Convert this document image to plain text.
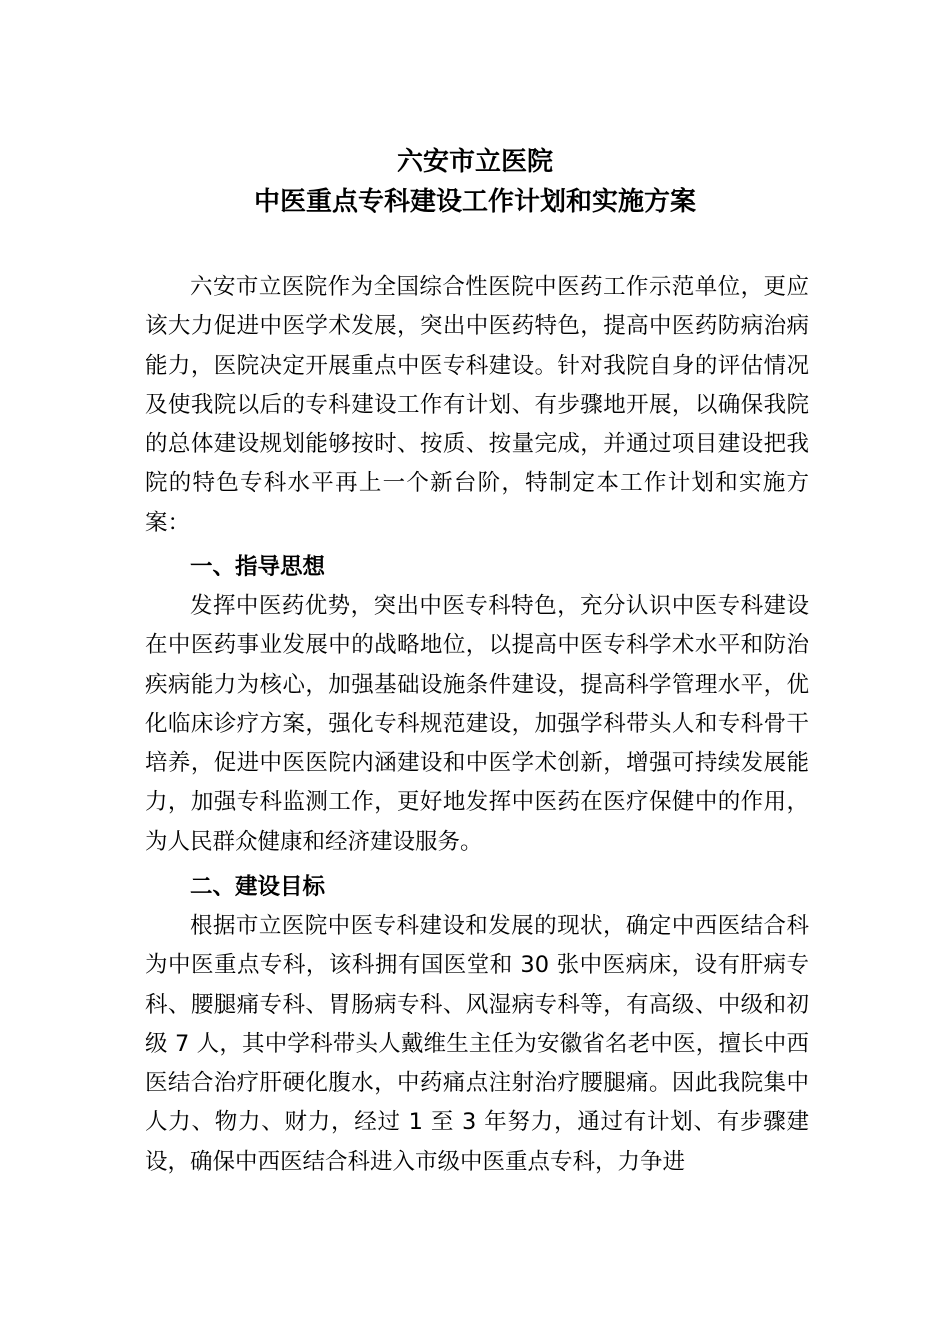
六安市立医院
中医重点专科建设工作计划和实施方案

六安市立医院作为全国综合性医院中医药工作示范单位，更应该大力促进中医学术发展，突出中医药特色，提高中医药防病治病能力，医院决定开展重点中医专科建设。针对我院自身的评估情况及使我院以后的专科建设工作有计划、有步骤地开展，以确保我院的总体建设规划能够按时、按质、按量完成，并通过项目建设把我院的特色专科水平再上一个新台阶，特制定本工作计划和实施方案：

一、指导思想

发挥中医药优势，突出中医专科特色，充分认识中医专科建设在中医药事业发展中的战略地位，以提高中医专科学术水平和防治疾病能力为核心，加强基础设施条件建设，提高科学管理水平，优化临床诊疗方案，强化专科规范建设，加强学科带头人和专科骨干培养，促进中医医院内涵建设和中医学术创新，增强可持续发展能力，加强专科监测工作，更好地发挥中医药在医疗保健中的作用，为人民群众健康和经济建设服务。

二、建设目标

根据市立医院中医专科建设和发展的现状，确定中西医结合科为中医重点专科，该科拥有国医堂和 30 张中医病床，设有肝病专科、腰腿痛专科、胃肠病专科、风湿病专科等，有高级、中级和初级 7 人，其中学科带头人戴维生主任为安徽省名老中医，擅长中西医结合治疗肝硬化腹水，中药痛点注射治疗腰腿痛。因此我院集中人力、物力、财力，经过 1 至 3 年努力，通过有计划、有步骤建设，确保中西医结合科进入市级中医重点专科，力争进
